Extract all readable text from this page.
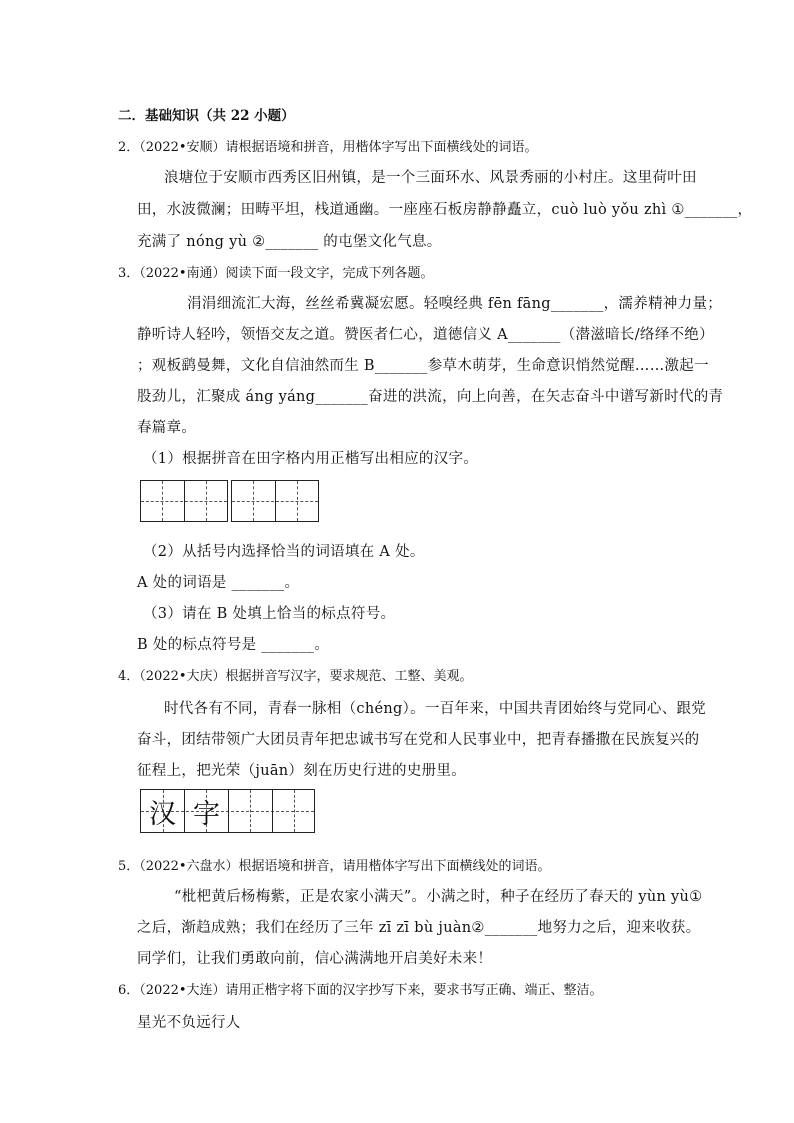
二．基础知识（共 22 小题）
2．（2022•安顺）请根据语境和拼音，用楷体字写出下面横线处的词语。
浪塘位于安顺市西秀区旧州镇，是一个三面环水、风景秀丽的小村庄。这里荷叶田
田，水波微澜；田畴平坦，栈道通幽。一座座石板房静静矗立，cuò luò yǒu zhì ①_______，
充满了 nóng yù ②_______ 的屯堡文化气息。
3．（2022•南通）阅读下面一段文字，完成下列各题。
涓涓细流汇大海，丝丝希冀凝宏愿。轻嗅经典 fēn fāng_______，濡养精神力量；
静听诗人轻吟，领悟交友之道。赞医者仁心，道德信义 A_______（潜滋暗长/络绎不绝）
；观板鹞曼舞，文化自信油然而生 B_______参草木萌芽，生命意识悄然觉醒……激起一
股劲儿，汇聚成 áng yáng_______奋进的洪流，向上向善，在矢志奋斗中谱写新时代的青
春篇章。
（1）根据拼音在田字格内用正楷写出相应的汉字。
（2）从括号内选择恰当的词语填在 A 处。
A 处的词语是 _______。
（3）请在 B 处填上恰当的标点符号。
B 处的标点符号是 _______。
4．（2022•大庆）根据拼音写汉字，要求规范、工整、美观。
时代各有不同，青春一脉相（chéng）。一百年来，中国共青团始终与党同心、跟党
奋斗，团结带领广大团员青年把忠诚书写在党和人民事业中，把青春播撒在民族复兴的
征程上，把光荣（juān）刻在历史行进的史册里。
汉 字
5．（2022•六盘水）根据语境和拼音，请用楷体字写出下面横线处的词语。
“枇杷黄后杨梅紫，正是农家小满天”。小满之时，种子在经历了春天的 yùn yù①
之后，渐趋成熟；我们在经历了三年 zī zī bù juàn②_______地努力之后，迎来收获。
同学们，让我们勇敢向前，信心满满地开启美好未来！
6．（2022•大连）请用正楷字将下面的汉字抄写下来，要求书写正确、端正、整洁。
星光不负远行人
